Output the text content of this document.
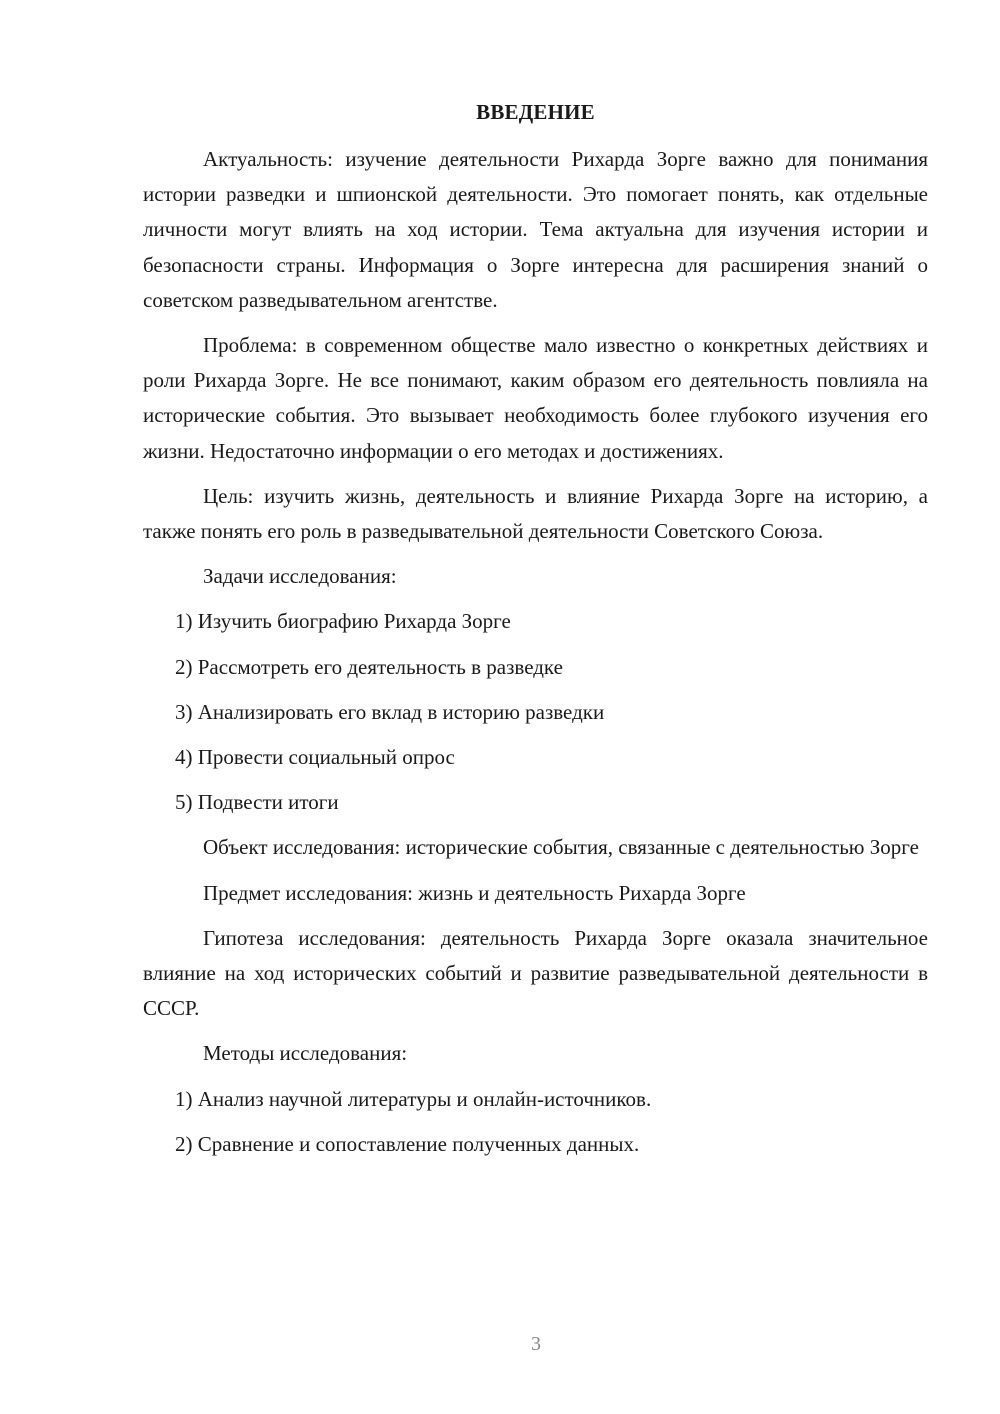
ВВЕДЕНИЕ

Актуальность: изучение деятельности Рихарда Зорге важно для понимания истории разведки и шпионской деятельности. Это помогает понять, как отдельные личности могут влиять на ход истории. Тема актуальна для изучения истории и безопасности страны. Информация о Зорге интересна для расширения знаний о советском разведывательном агентстве.

Проблема: в современном обществе мало известно о конкретных действиях и роли Рихарда Зорге. Не все понимают, каким образом его деятельность повлияла на исторические события. Это вызывает необходимость более глубокого изучения его жизни. Недостаточно информации о его методах и достижениях.

Цель: изучить жизнь, деятельность и влияние Рихарда Зорге на историю, а также понять его роль в разведывательной деятельности Советского Союза.

Задачи исследования:

1) Изучить биографию Рихарда Зорге

2) Рассмотреть его деятельность в разведке

3) Анализировать его вклад в историю разведки

4) Провести социальный опрос

5) Подвести итоги

Объект исследования: исторические события, связанные с деятельностью Зорге

Предмет исследования: жизнь и деятельность Рихарда Зорге

Гипотеза исследования: деятельность Рихарда Зорге оказала значительное влияние на ход исторических событий и развитие разведывательной деятельности в СССР.

Методы исследования:

1) Анализ научной литературы и онлайн-источников.

2) Сравнение и сопоставление полученных данных.

3
